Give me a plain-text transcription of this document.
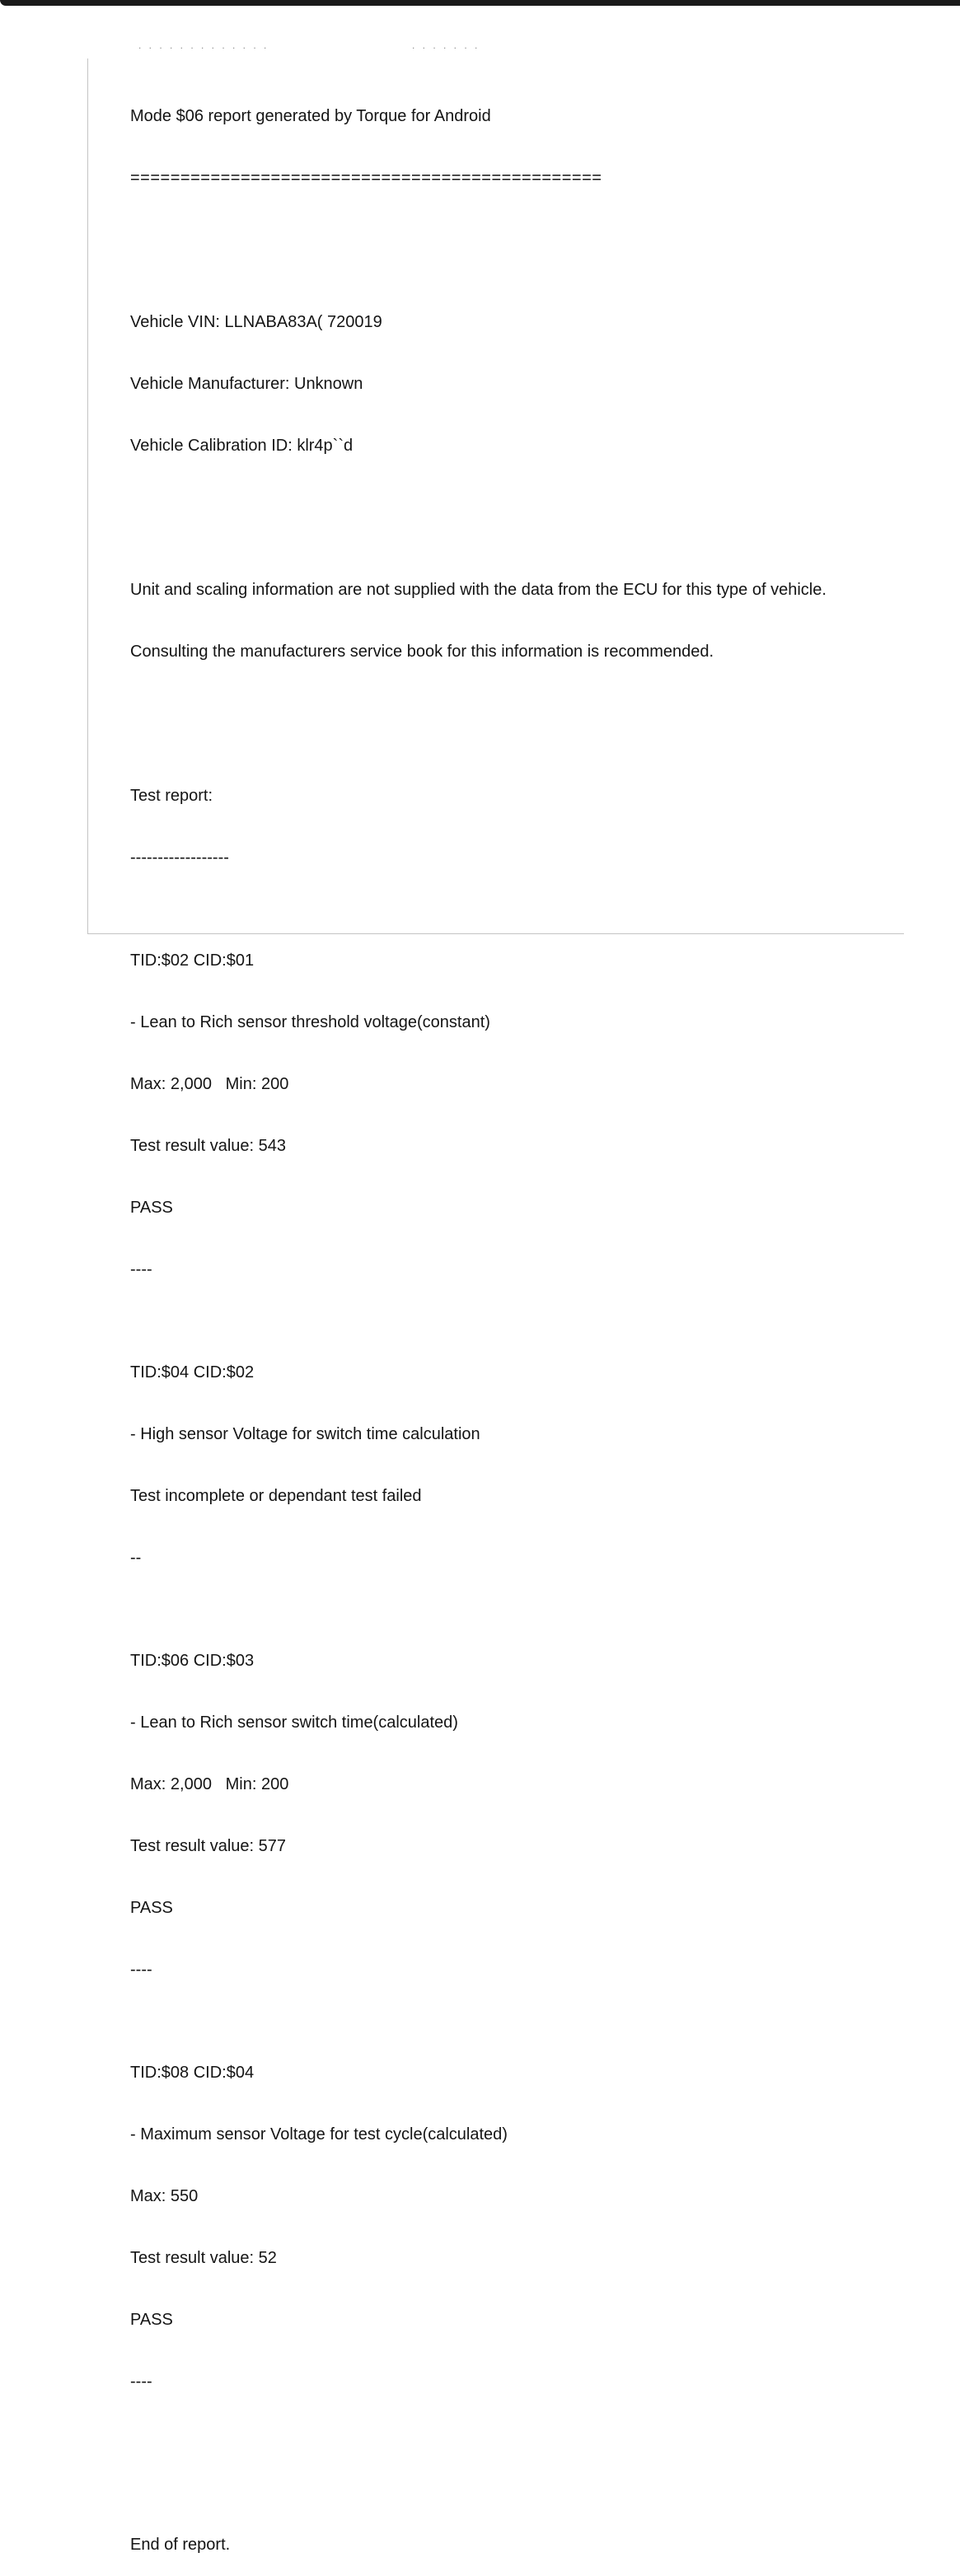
. . . . . . . . . . . . .	. . . . . . .

Mode $06 report generated by Torque for Android

===============================================

Vehicle VIN: LLNABA83A( 720019

Vehicle Manufacturer: Unknown

Vehicle Calibration ID: klr4p``d

Unit and scaling information are not supplied with the data from the ECU for this type of vehicle.

Consulting the manufacturers service book for this information is recommended.

Test report:

------------------

TID:$02 CID:$01

- Lean to Rich sensor threshold voltage(constant)

Max: 2,000   Min: 200

Test result value: 543

PASS

----

TID:$04 CID:$02

- High sensor Voltage for switch time calculation

Test incomplete or dependant test failed

--

TID:$06 CID:$03

- Lean to Rich sensor switch time(calculated)

Max: 2,000   Min: 200

Test result value: 577

PASS

----

TID:$08 CID:$04

- Maximum sensor Voltage for test cycle(calculated)

Max: 550

Test result value: 52

PASS

----

End of report.
